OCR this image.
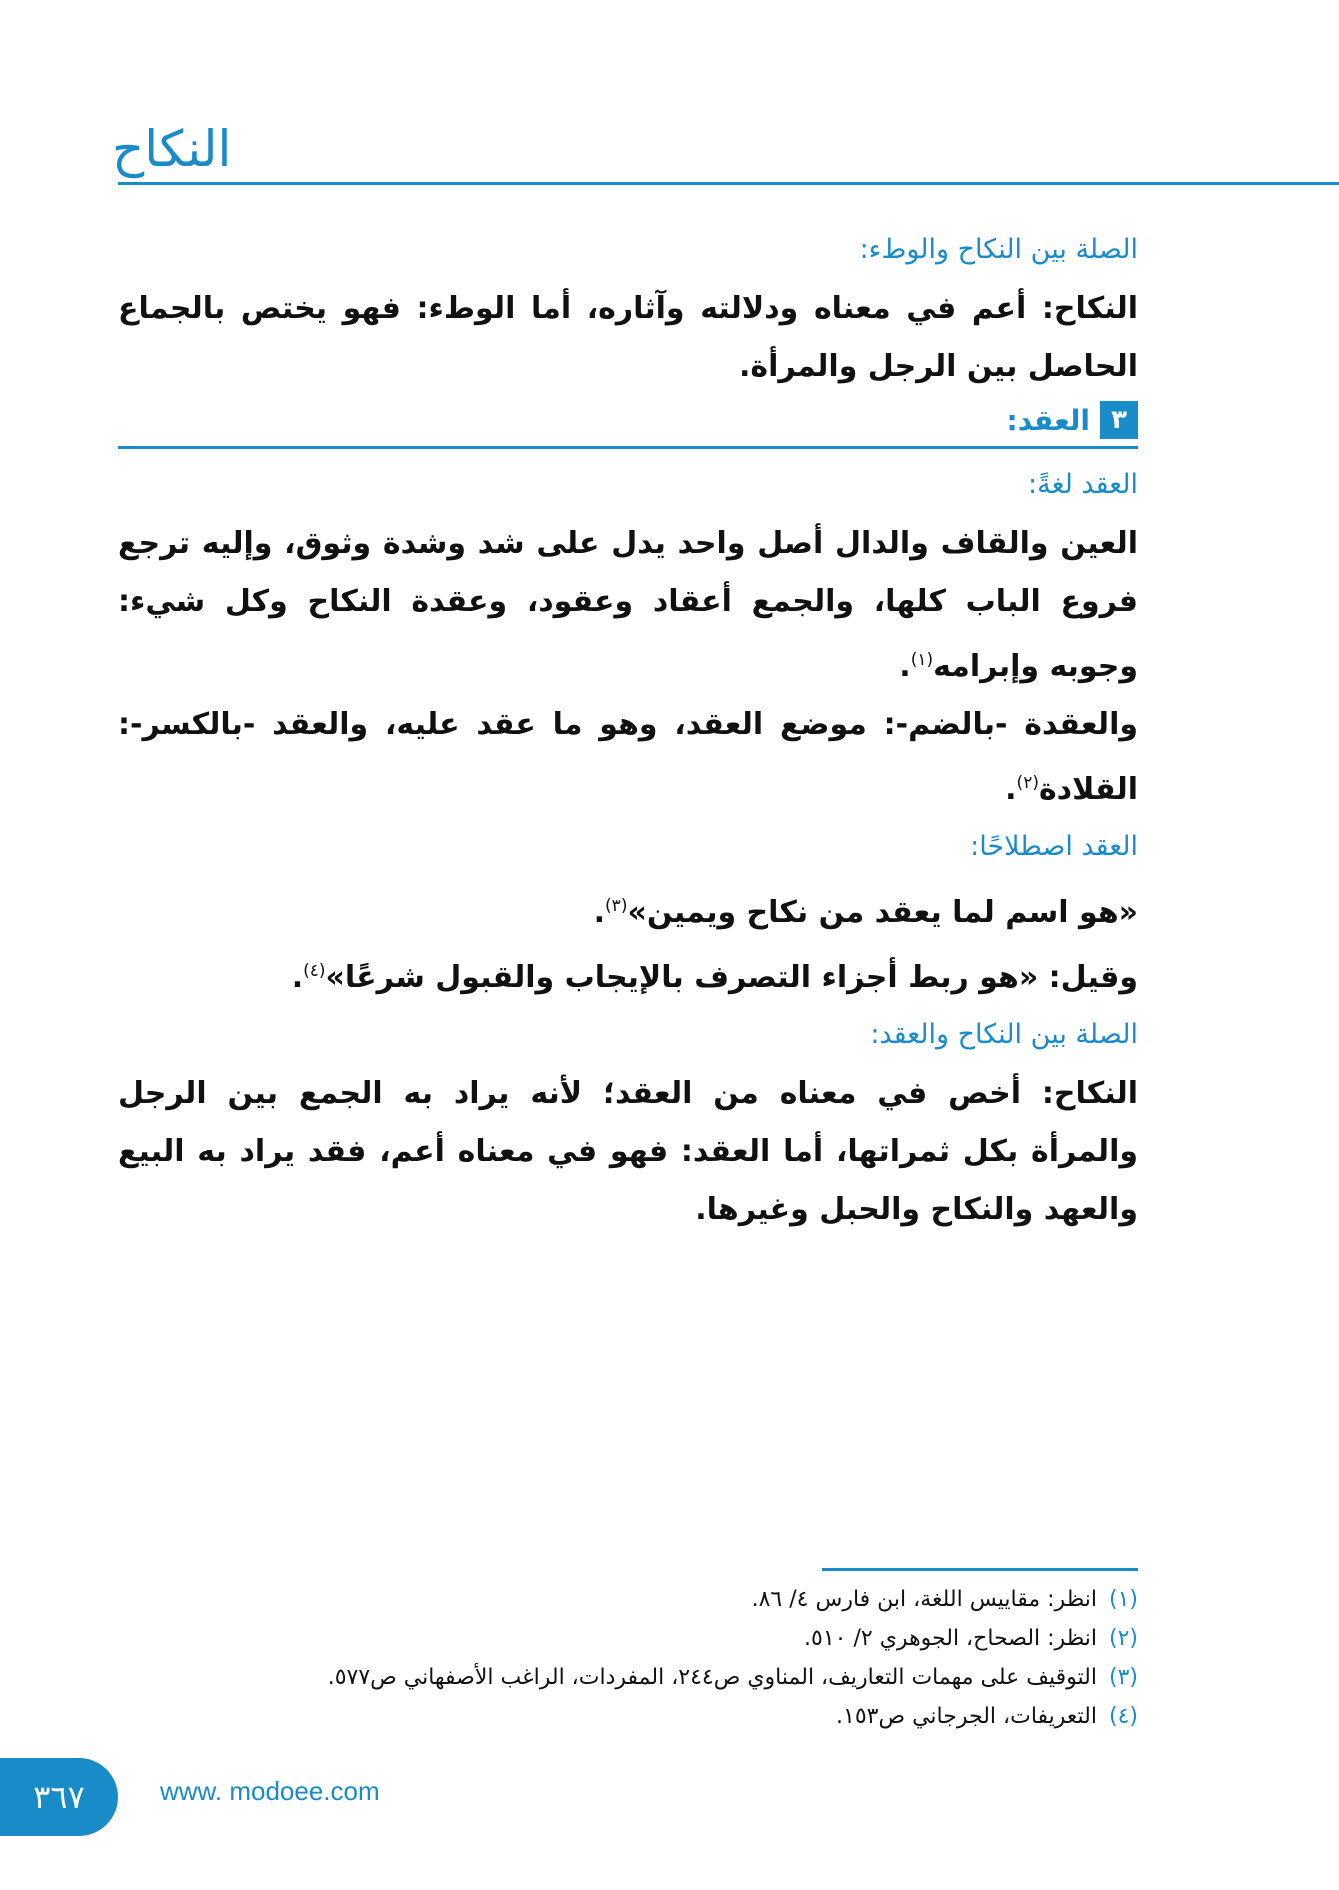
النكاح
الصلة بين النكاح والوطء:

النكاح: أعم في معناه ودلالته وآثاره، أما الوطء: فهو يختص بالجماع الحاصل بين الرجل والمرأة.

٣
العقد:
العقد لغةً:

العين والقاف والدال أصل واحد يدل على شد وشدة وثوق، وإليه ترجع فروع الباب كلها، والجمع أعقاد وعقود، وعقدة النكاح وكل شيء: وجوبه وإبرامه$^{(١)}$.

والعقدة -بالضم-: موضع العقد، وهو ما عقد عليه، والعقد -بالكسر-: القلادة$^{(٢)}$.

العقد اصطلاحًا:

«هو اسم لما يعقد من نكاح ويمين»$^{(٣)}$.

وقيل: «هو ربط أجزاء التصرف بالإيجاب والقبول شرعًا»$^{(٤)}$.

الصلة بين النكاح والعقد:

النكاح: أخص في معناه من العقد؛ لأنه يراد به الجمع بين الرجل والمرأة بكل ثمراتها، أما العقد: فهو في معناه أعم، فقد يراد به البيع والعهد والنكاح والحبل وغيرها.

(١)انظر: مقاييس اللغة، ابن فارس ٤/ ٨٦.
(٢)انظر: الصحاح، الجوهري ٢/ ٥١٠.
(٣)التوقيف على مهمات التعاريف، المناوي ص٢٤٤، المفردات، الراغب الأصفهاني ص٥٧٧.
(٤)التعريفات، الجرجاني ص١٥٣.
٣٦٧	www. modoee.com
